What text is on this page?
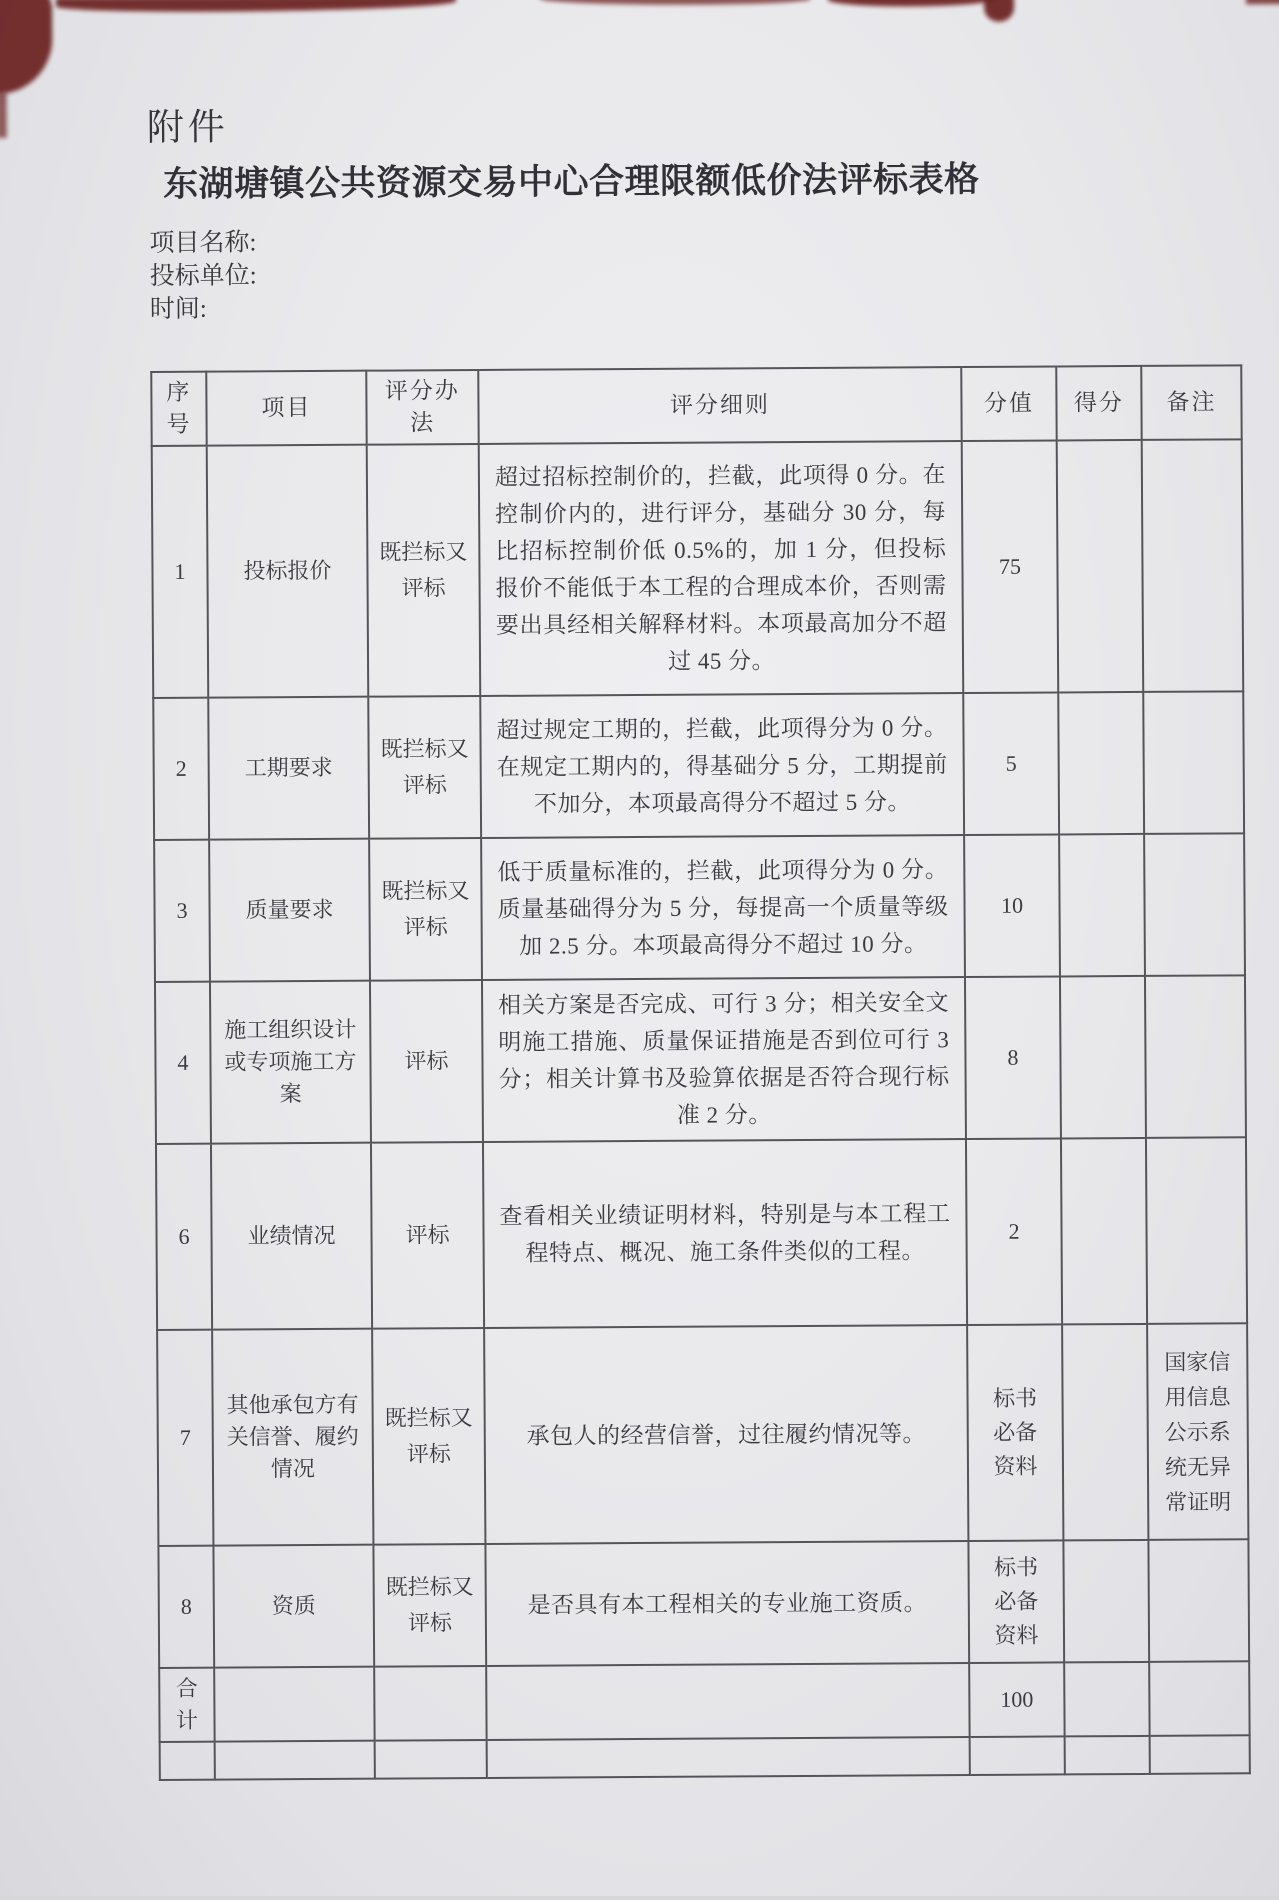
附件
东湖塘镇公共资源交易中心合理限额低价法评标表格
项目名称:
投标单位:
时间:
序号	项目	评分办法	评分细则	分值	得分	备注
1	投标报价	既拦标又评标	超过招标控制价的，拦截，此项得 0 分。在控制价内的，进行评分，基础分 30 分，每比招标控制价低 0.5%的，加 1 分，但投标报价不能低于本工程的合理成本价，否则需要出具经相关解释材料。本项最高加分不超过 45 分。	75		
2	工期要求	既拦标又评标	超过规定工期的，拦截，此项得分为 0 分。在规定工期内的，得基础分 5 分，工期提前不加分，本项最高得分不超过 5 分。	5		
3	质量要求	既拦标又评标	低于质量标准的，拦截，此项得分为 0 分。质量基础得分为 5 分，每提高一个质量等级加 2.5 分。本项最高得分不超过 10 分。	10		
4	施工组织设计或专项施工方案	评标	相关方案是否完成、可行 3 分；相关安全文明施工措施、质量保证措施是否到位可行 3 分；相关计算书及验算依据是否符合现行标准 2 分。	8		
6	业绩情况	评标	查看相关业绩证明材料，特别是与本工程工程特点、概况、施工条件类似的工程。	2		
7	其他承包方有关信誉、履约情况	既拦标又评标	承包人的经营信誉，过往履约情况等。	标书必备资料		国家信用信息公示系统无异常证明
8	资质	既拦标又评标	是否具有本工程相关的专业施工资质。	标书必备资料		
合计				100		
